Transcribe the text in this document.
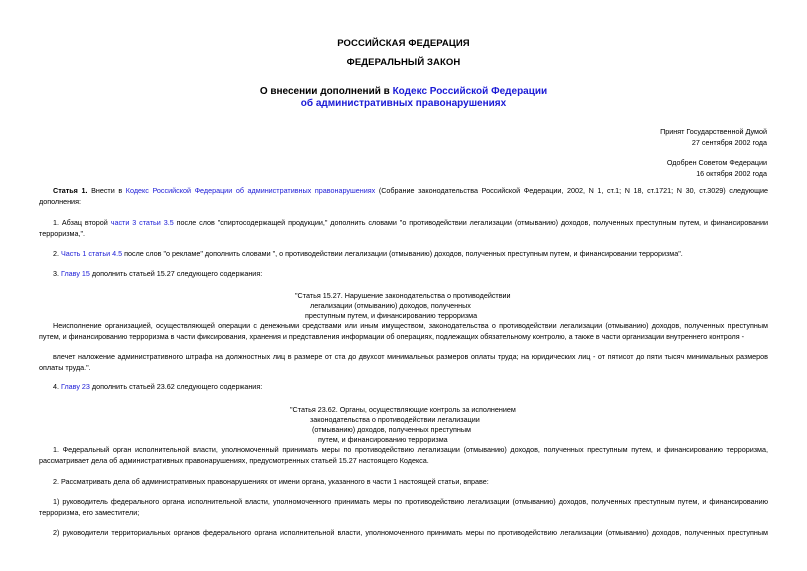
РОССИЙСКАЯ ФЕДЕРАЦИЯ
ФЕДЕРАЛЬНЫЙ ЗАКОН
О внесении дополнений в Кодекс Российской Федерации
об административных правонарушениях
Принят Государственной Думой
27 сентября 2002 года
Одобрен Советом Федерации
16 октября 2002 года
Статья 1. Внести в Кодекс Российской Федерации об административных правонарушениях (Собрание законодательства Российской Федерации, 2002, N 1, ст.1; N 18, ст.1721; N 30, ст.3029) следующие дополнения:
1. Абзац второй части 3 статьи 3.5 после слов "спиртосодержащей продукции," дополнить словами "о противодействии легализации (отмыванию) доходов, полученных преступным путем, и финансировании терроризма,".
2. Часть 1 статьи 4.5 после слов "о рекламе" дополнить словами ", о противодействии легализации (отмыванию) доходов, полученных преступным путем, и финансировании терроризма".
3. Главу 15 дополнить статьей 15.27 следующего содержания:
"Статья 15.27. Нарушение законодательства о противодействии
легализации (отмыванию) доходов, полученных
преступным путем, и финансированию терроризма
Неисполнение организацией, осуществляющей операции с денежными средствами или иным имуществом, законодательства о противодействии легализации (отмыванию) доходов, полученных преступным путем, и финансированию терроризма в части фиксирования, хранения и представления информации об операциях, подлежащих обязательному контролю, а также в части организации внутреннего контроля -
влечет наложение административного штрафа на должностных лиц в размере от ста до двухсот минимальных размеров оплаты труда; на юридических лиц - от пятисот до пяти тысяч минимальных размеров оплаты труда.".
4. Главу 23 дополнить статьей 23.62 следующего содержания:
"Статья 23.62. Органы, осуществляющие контроль за исполнением
законодательства о противодействии легализации
(отмыванию) доходов, полученных преступным
путем, и финансированию терроризма
1. Федеральный орган исполнительной власти, уполномоченный принимать меры по противодействию легализации (отмыванию) доходов, полученных преступным путем, и финансированию терроризма, рассматривает дела об административных правонарушениях, предусмотренных статьей 15.27 настоящего Кодекса.
2. Рассматривать дела об административных правонарушениях от имени органа, указанного в части 1 настоящей статьи, вправе:
1) руководитель федерального органа исполнительной власти, уполномоченного принимать меры по противодействию легализации (отмыванию) доходов, полученных преступным путем, и финансированию терроризма, его заместители;
2) руководители территориальных органов федерального органа исполнительной власти, уполномоченного принимать меры по противодействию легализации (отмыванию) доходов, полученных преступным
